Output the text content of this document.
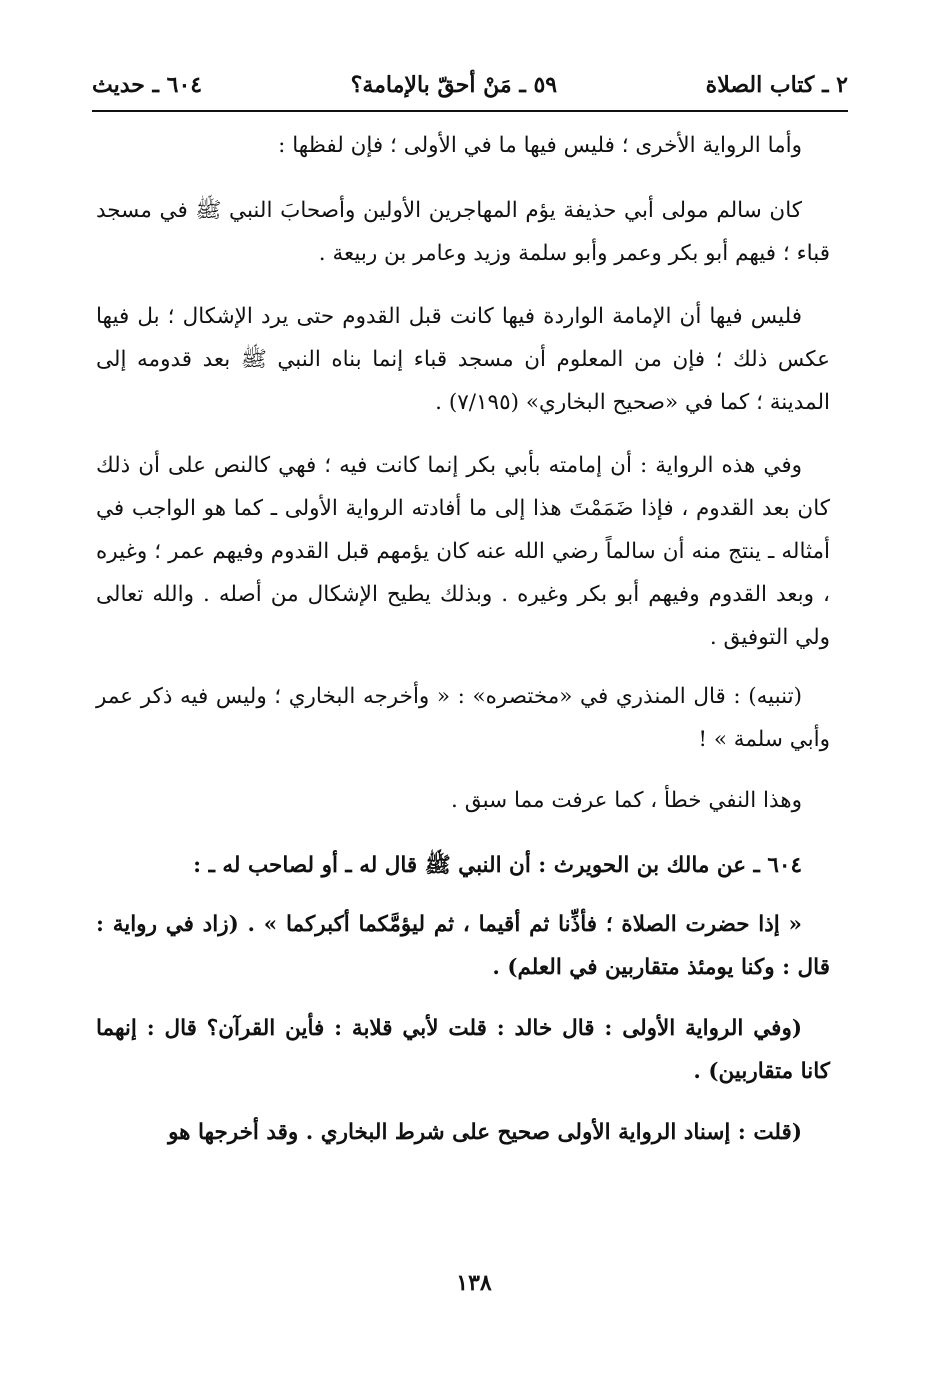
٢ ـ كتاب الصلاة
٥٩ ـ مَنْ أحقّ بالإمامة؟
٦٠٤ ـ حديث

وأما الرواية الأخرى ؛ فليس فيها ما في الأولى ؛ فإن لفظها :

كان سالم مولى أبي حذيفة يؤم المهاجرين الأولين وأصحابَ النبي ﷺ في مسجد قباء ؛ فيهم أبو بكر وعمر وأبو سلمة وزيد وعامر بن ربيعة .

فليس فيها أن الإمامة الواردة فيها كانت قبل القدوم حتى يرد الإشكال ؛ بل فيها عكس ذلك ؛ فإن من المعلوم أن مسجد قباء إنما بناه النبي ﷺ بعد قدومه إلى المدينة ؛ كما في «صحيح البخاري» (٧/١٩٥) .

وفي هذه الرواية : أن إمامته بأبي بكر إنما كانت فيه ؛ فهي كالنص على أن ذلك كان بعد القدوم ، فإذا ضَمَمْتَ هذا إلى ما أفادته الرواية الأولى ـ كما هو الواجب في أمثاله ـ ينتج منه أن سالماً رضي الله عنه كان يؤمهم قبل القدوم وفيهم عمر ؛ وغيره ، وبعد القدوم وفيهم أبو بكر وغيره . وبذلك يطيح الإشكال من أصله . والله تعالى ولي التوفيق .

(تنبيه) : قال المنذري في «مختصره» : « وأخرجه البخاري ؛ وليس فيه ذكر عمر وأبي سلمة » !

وهذا النفي خطأ ، كما عرفت مما سبق .

٦٠٤ ـ عن مالك بن الحويرث : أن النبي ﷺ قال له ـ أو لصاحب له ـ :

« إذا حضرت الصلاة ؛ فأذِّنا ثم أقيما ، ثم ليؤمَّكما أكبركما » . (زاد في رواية : قال : وكنا يومئذ متقاربين في العلم) .

(وفي الرواية الأولى : قال خالد : قلت لأبي قلابة : فأين القرآن؟ قال : إنهما كانا متقاربين) .

(قلت : إسناد الرواية الأولى صحيح على شرط البخاري . وقد أخرجها هو

١٣٨
